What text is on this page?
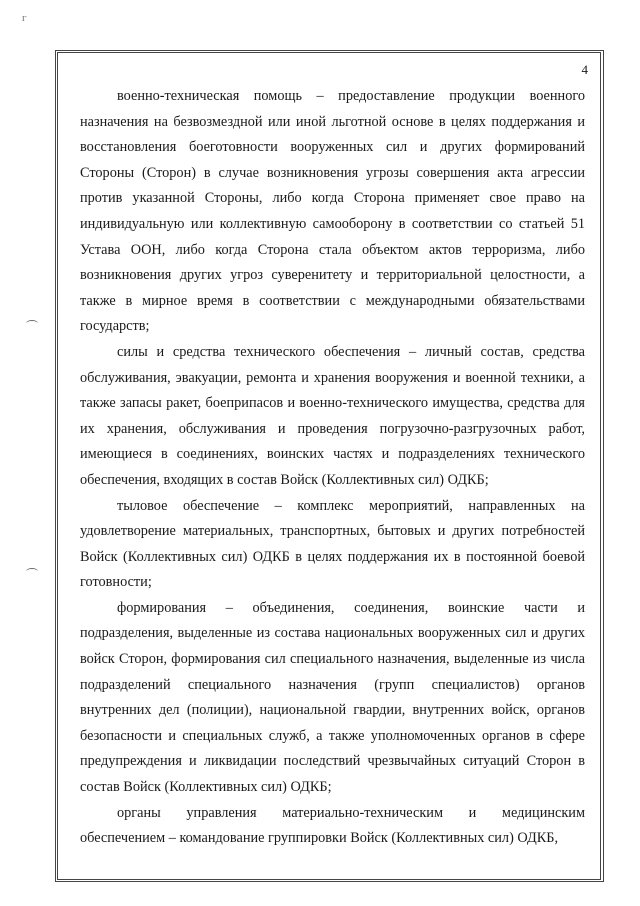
г
4

военно-техническая помощь – предоставление продукции военного назначения на безвозмездной или иной льготной основе в целях поддержания и восстановления боеготовности вооруженных сил и других формирований Стороны (Сторон) в случае возникновения угрозы совершения акта агрессии против указанной Стороны, либо когда Сторона применяет свое право на индивидуальную или коллективную самооборону в соответствии со статьей 51 Устава ООН, либо когда Сторона стала объектом актов терроризма, либо возникновения других угроз суверенитету и территориальной целостности, а также в мирное время в соответствии с международными обязательствами государств;

силы и средства технического обеспечения – личный состав, средства обслуживания, эвакуации, ремонта и хранения вооружения и военной техники, а также запасы ракет, боеприпасов и военно-технического имущества, средства для их хранения, обслуживания и проведения погрузочно-разгрузочных работ, имеющиеся в соединениях, воинских частях и подразделениях технического обеспечения, входящих в состав Войск (Коллективных сил) ОДКБ;

тыловое обеспечение – комплекс мероприятий, направленных на удовлетворение материальных, транспортных, бытовых и других потребностей Войск (Коллективных сил) ОДКБ в целях поддержания их в постоянной боевой готовности;

формирования – объединения, соединения, воинские части и подразделения, выделенные из состава национальных вооруженных сил и других войск Сторон, формирования сил специального назначения, выделенные из числа подразделений специального назначения (групп специалистов) органов внутренних дел (полиции), национальной гвардии, внутренних войск, органов безопасности и специальных служб, а также уполномоченных органов в сфере предупреждения и ликвидации последствий чрезвычайных ситуаций Сторон в состав Войск (Коллективных сил) ОДКБ;

органы управления материально-техническим и медицинским обеспечением – командование группировки Войск (Коллективных сил) ОДКБ,
